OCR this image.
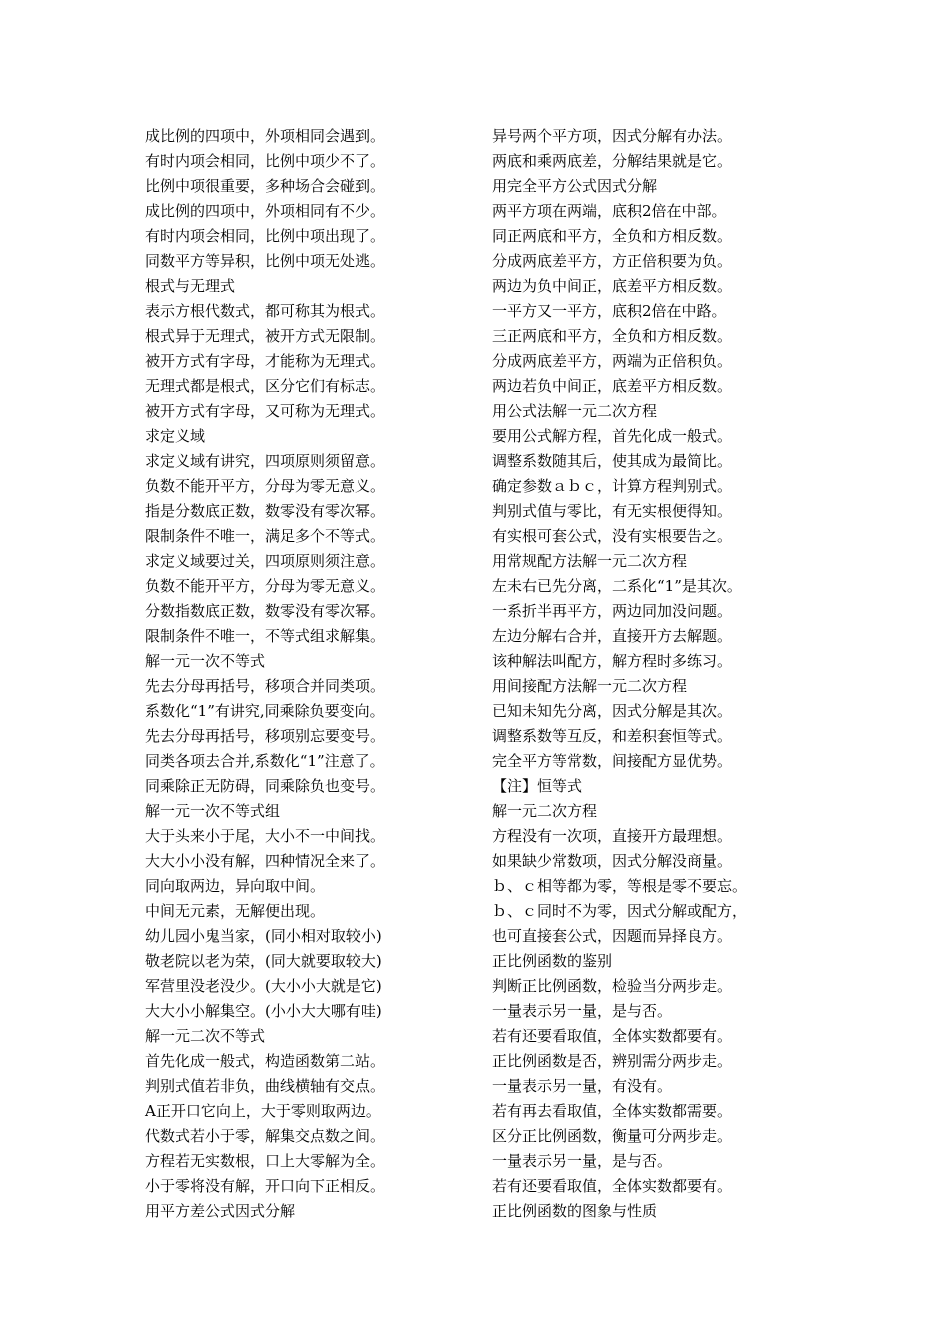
成比例的四项中，外项相同会遇到。
有时内项会相同，比例中项少不了。
比例中项很重要，多种场合会碰到。
成比例的四项中，外项相同有不少。
有时内项会相同，比例中项出现了。
同数平方等异积，比例中项无处逃。
根式与无理式
表示方根代数式，都可称其为根式。
根式异于无理式，被开方式无限制。
被开方式有字母，才能称为无理式。
无理式都是根式，区分它们有标志。
被开方式有字母，又可称为无理式。
求定义域
求定义域有讲究，四项原则须留意。
负数不能开平方，分母为零无意义。
指是分数底正数，数零没有零次幂。
限制条件不唯一，满足多个不等式。
求定义域要过关，四项原则须注意。
负数不能开平方，分母为零无意义。
分数指数底正数，数零没有零次幂。
限制条件不唯一，不等式组求解集。
解一元一次不等式
先去分母再括号，移项合并同类项。
系数化“1”有讲究,同乘除负要变向。
先去分母再括号，移项别忘要变号。
同类各项去合并,系数化“1”注意了。
同乘除正无防碍，同乘除负也变号。
解一元一次不等式组
大于头来小于尾，大小不一中间找。
大大小小没有解，四种情况全来了。
同向取两边，异向取中间。
中间无元素，无解便出现。
幼儿园小鬼当家，(同小相对取较小)
敬老院以老为荣，(同大就要取较大)
军营里没老没少。(大小小大就是它)
大大小小解集空。(小小大大哪有哇)
解一元二次不等式
首先化成一般式，构造函数第二站。
判别式值若非负，曲线横轴有交点。
A正开口它向上，大于零则取两边。
代数式若小于零，解集交点数之间。
方程若无实数根，口上大零解为全。
小于零将没有解，开口向下正相反。
用平方差公式因式分解
异号两个平方项，因式分解有办法。
两底和乘两底差，分解结果就是它。
用完全平方公式因式分解
两平方项在两端，底积2倍在中部。
同正两底和平方，全负和方相反数。
分成两底差平方，方正倍积要为负。
两边为负中间正，底差平方相反数。
一平方又一平方，底积2倍在中路。
三正两底和平方，全负和方相反数。
分成两底差平方，两端为正倍积负。
两边若负中间正，底差平方相反数。
用公式法解一元二次方程
要用公式解方程，首先化成一般式。
调整系数随其后，使其成为最简比。
确定参数ａｂｃ，计算方程判别式。
判别式值与零比，有无实根便得知。
有实根可套公式，没有实根要告之。
用常规配方法解一元二次方程
左未右已先分离，二系化“1”是其次。
一系折半再平方，两边同加没问题。
左边分解右合并，直接开方去解题。
该种解法叫配方，解方程时多练习。
用间接配方法解一元二次方程
已知未知先分离，因式分解是其次。
调整系数等互反，和差积套恒等式。
完全平方等常数，间接配方显优势。
【注】恒等式
解一元二次方程
方程没有一次项，直接开方最理想。
如果缺少常数项，因式分解没商量。
ｂ、ｃ相等都为零，等根是零不要忘。
ｂ、ｃ同时不为零，因式分解或配方，
也可直接套公式，因题而异择良方。
正比例函数的鉴别
判断正比例函数，检验当分两步走。
一量表示另一量，是与否。
若有还要看取值，全体实数都要有。
正比例函数是否，辨别需分两步走。
一量表示另一量，有没有。
若有再去看取值，全体实数都需要。
区分正比例函数，衡量可分两步走。
一量表示另一量，是与否。
若有还要看取值，全体实数都要有。
正比例函数的图象与性质
